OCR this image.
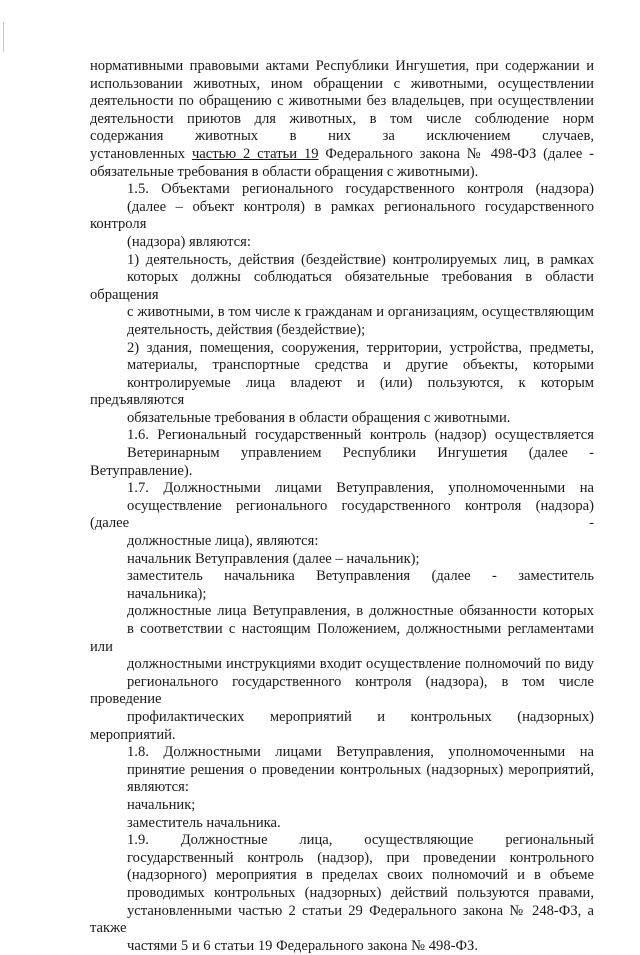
нормативными правовыми актами Республики Ингушетия, при содержании и
использовании животных, ином обращении с животными, осуществлении
деятельности по обращению с животными без владельцев, при осуществлении
деятельности приютов для животных, в том числе соблюдение норм
содержания животных в них за исключением случаев,
установленных частью 2 статьи 19 Федерального закона № 498-ФЗ (далее -
обязательные требования в области обращения с животными).

1.5. Объектами регионального государственного контроля (надзора)
(далее – объект контроля) в рамках регионального государственного контроля
(надзора) являются:

1) деятельность, действия (бездействие) контролируемых лиц, в рамках
которых должны соблюдаться обязательные требования в области обращения
с животными, в том числе к гражданам и организациям, осуществляющим
деятельность, действия (бездействие);

2) здания, помещения, сооружения, территории, устройства, предметы,
материалы, транспортные средства и другие объекты, которыми
контролируемые лица владеют и (или) пользуются, к которым предъявляются
обязательные требования в области обращения с животными.

1.6. Региональный государственный контроль (надзор) осуществляется
Ветеринарным управлением Республики Ингушетия (далее - Ветуправление).

1.7. Должностными лицами Ветуправления, уполномоченными на
осуществление регионального государственного контроля (надзора) (далее -
должностные лица), являются:

начальник Ветуправления (далее – начальник);

заместитель начальника Ветуправления (далее - заместитель
начальника);

должностные лица Ветуправления, в должностные обязанности которых
в соответствии с настоящим Положением, должностными регламентами или
должностными инструкциями входит осуществление полномочий по виду
регионального государственного контроля (надзора), в том числе проведение
профилактических мероприятий и контрольных (надзорных) мероприятий.

1.8. Должностными лицами Ветуправления, уполномоченными на
принятие решения о проведении контрольных (надзорных) мероприятий,
являются:

начальник;

заместитель начальника.

1.9. Должностные лица, осуществляющие региональный
государственный контроль (надзор), при проведении контрольного
(надзорного) мероприятия в пределах своих полномочий и в объеме
проводимых контрольных (надзорных) действий пользуются правами,
установленными частью 2 статьи 29 Федерального закона № 248-ФЗ, а также
частями 5 и 6 статьи 19 Федерального закона № 498-ФЗ.
